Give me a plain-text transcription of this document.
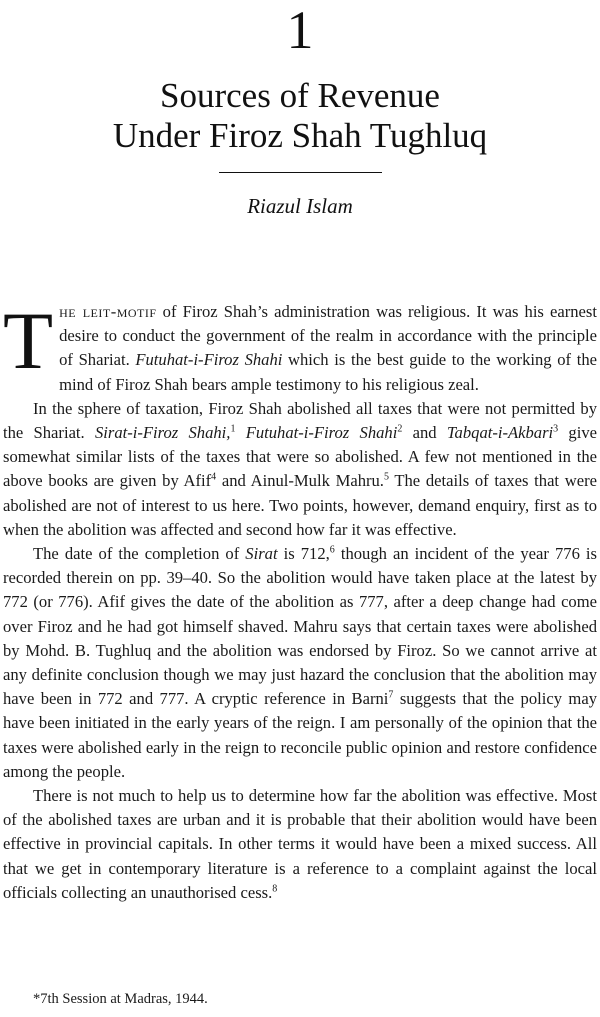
1
Sources of Revenue
Under Firoz Shah Tughluq
Riazul Islam

The leit-motif of Firoz Shah’s administration was religious. It was his earnest desire to conduct the government of the realm in accordance with the principle of Shariat. Futuhat-i-Firoz Shahi which is the best guide to the working of the mind of Firoz Shah bears ample testimony to his religious zeal.

In the sphere of taxation, Firoz Shah abolished all taxes that were not permitted by the Shariat. Sirat-i-Firoz Shahi,$^1$ Futuhat-i-Firoz Shahi$^2$ and Tabqat-i-Akbari$^3$ give somewhat similar lists of the taxes that were so abolished. A few not mentioned in the above books are given by Afif$^4$ and Ainul-Mulk Mahru.$^5$ The details of taxes that were abolished are not of interest to us here. Two points, however, demand enquiry, first as to when the abolition was affected and second how far it was effective.

The date of the completion of Sirat is 712,$^6$ though an incident of the year 776 is recorded therein on pp. 39–40. So the abolition would have taken place at the latest by 772 (or 776). Afif gives the date of the abolition as 777, after a deep change had come over Firoz and he had got himself shaved. Mahru says that certain taxes were abolished by Mohd. B. Tughluq and the abolition was endorsed by Firoz. So we cannot arrive at any definite conclusion though we may just hazard the conclusion that the abolition may have been in 772 and 777. A cryptic reference in Barni$^7$ suggests that the policy may have been initiated in the early years of the reign. I am personally of the opinion that the taxes were abolished early in the reign to reconcile public opinion and restore confidence among the people.

There is not much to help us to determine how far the abolition was effective. Most of the abolished taxes are urban and it is probable that their abolition would have been effective in provincial capitals. In other terms it would have been a mixed success. All that we get in contemporary literature is a reference to a complaint against the local officials collecting an unauthorised cess.$^8$

*7th Session at Madras, 1944.
